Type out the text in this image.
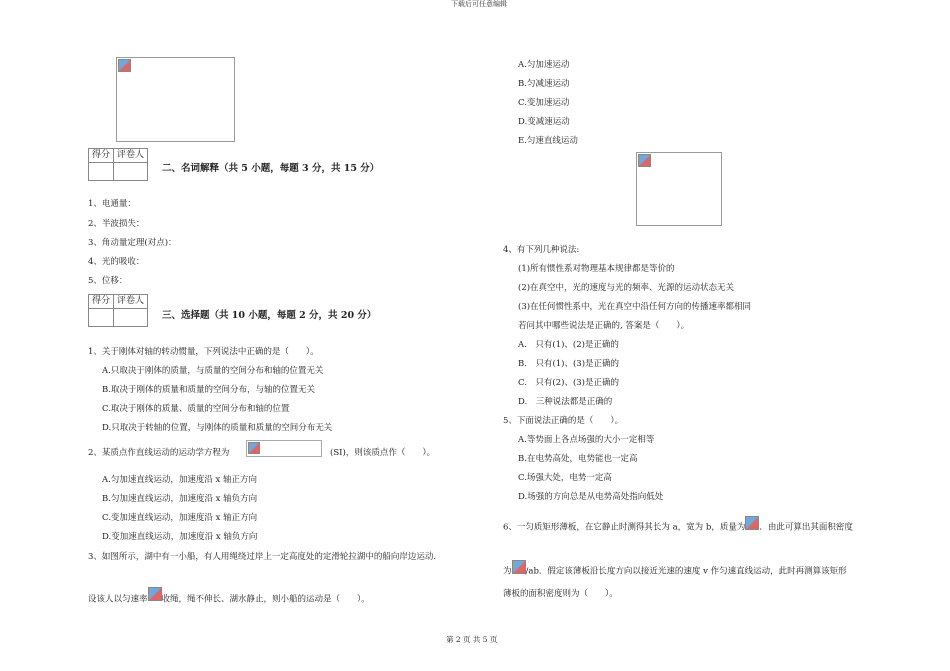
下载后可任意编辑
得分	评卷人

二、名词解释（共 5 小题，每题 3 分，共 15 分）
1、电通量：
2、半波损失：
3、角动量定理(对点)：
4、光的吸收：
5、位移：
得分	评卷人

三、选择题（共 10 小题，每题 2 分，共 20 分）
1、关于刚体对轴的转动惯量，下列说法中正确的是（　　）。
A.只取决于刚体的质量，与质量的空间分布和轴的位置无关
B.取决于刚体的质量和质量的空间分布，与轴的位置无关
C.取决于刚体的质量、质量的空间分布和轴的位置
D.只取决于转轴的位置，与刚体的质量和质量的空间分布无关
2、某质点作直线运动的运动学方程为	(SI)，则该质点作（　　）。
A.匀加速直线运动，加速度沿 x 轴正方向
B.匀加速直线运动，加速度沿 x 轴负方向
C.变加速直线运动，加速度沿 x 轴正方向
D.变加速直线运动，加速度沿 x 轴负方向
3、如图所示，湖中有一小船，有人用绳绕过岸上一定高度处的定滑轮拉湖中的船向岸边运动．
设该人以匀速率 收绳，绳不伸长、湖水静止，则小船的运动是（　　）。
A.匀加速运动
B.匀减速运动
C.变加速运动
D.变减速运动
E.匀速直线运动
4、有下列几种说法:
(1)所有惯性系对物理基本规律都是等价的
(2)在真空中，光的速度与光的频率、光源的运动状态无关
(3)在任何惯性系中，光在真空中沿任何方向的传播速率都相同
若问其中哪些说法是正确的, 答案是（　　）。
A.　只有(1)、(2)是正确的
B.　只有(1)、(3)是正确的
C.　只有(2)、(3)是正确的
D.　三种说法都是正确的
5、下面说法正确的是（　　）。
A.等势面上各点场强的大小一定相等
B.在电势高处，电势能也一定高
C.场强大处，电势一定高
D.场强的方向总是从电势高处指向低处
6、一匀质矩形薄板，在它静止时测得其长为 a，宽为 b，质量为 ．由此可算出其面积密度
为 /ab．假定该薄板沿长度方向以接近光速的速度 v 作匀速直线运动，此时再测算该矩形
薄板的面积密度则为（　　）。
第 2 页 共 5 页
